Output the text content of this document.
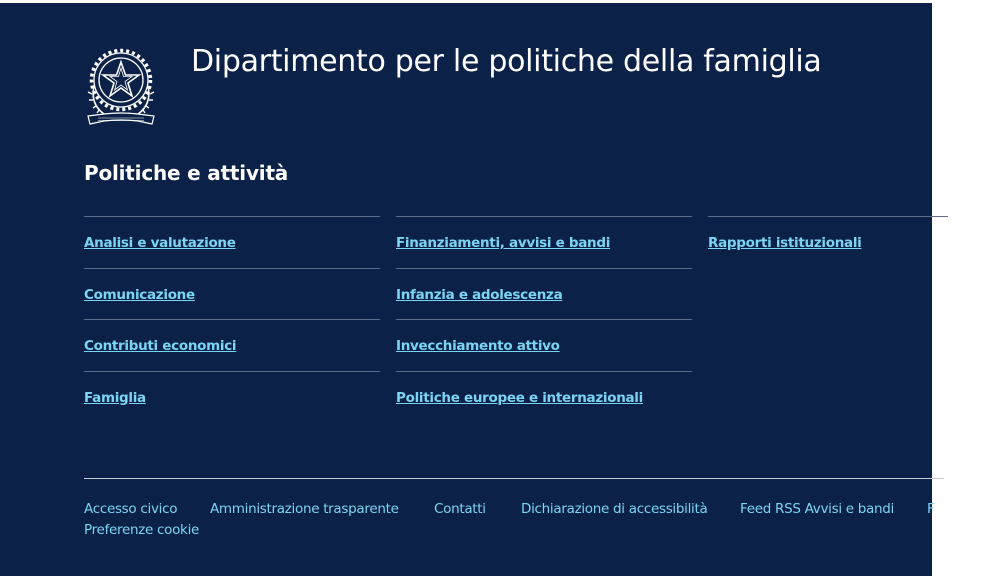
Dipartimento per le politiche della famiglia
Politiche e attività
Analisi e valutazione
Comunicazione
Contributi economici
Famiglia
Finanziamenti, avvisi e bandi
Infanzia e adolescenza
Invecchiamento attivo
Politiche europee e internazionali
Rapporti istituzionali
Accesso civico Amministrazione trasparente	Contatti	Dichiarazione di accessibilità Feed RSS Avvisi e bandi F
Preferenze cookie
